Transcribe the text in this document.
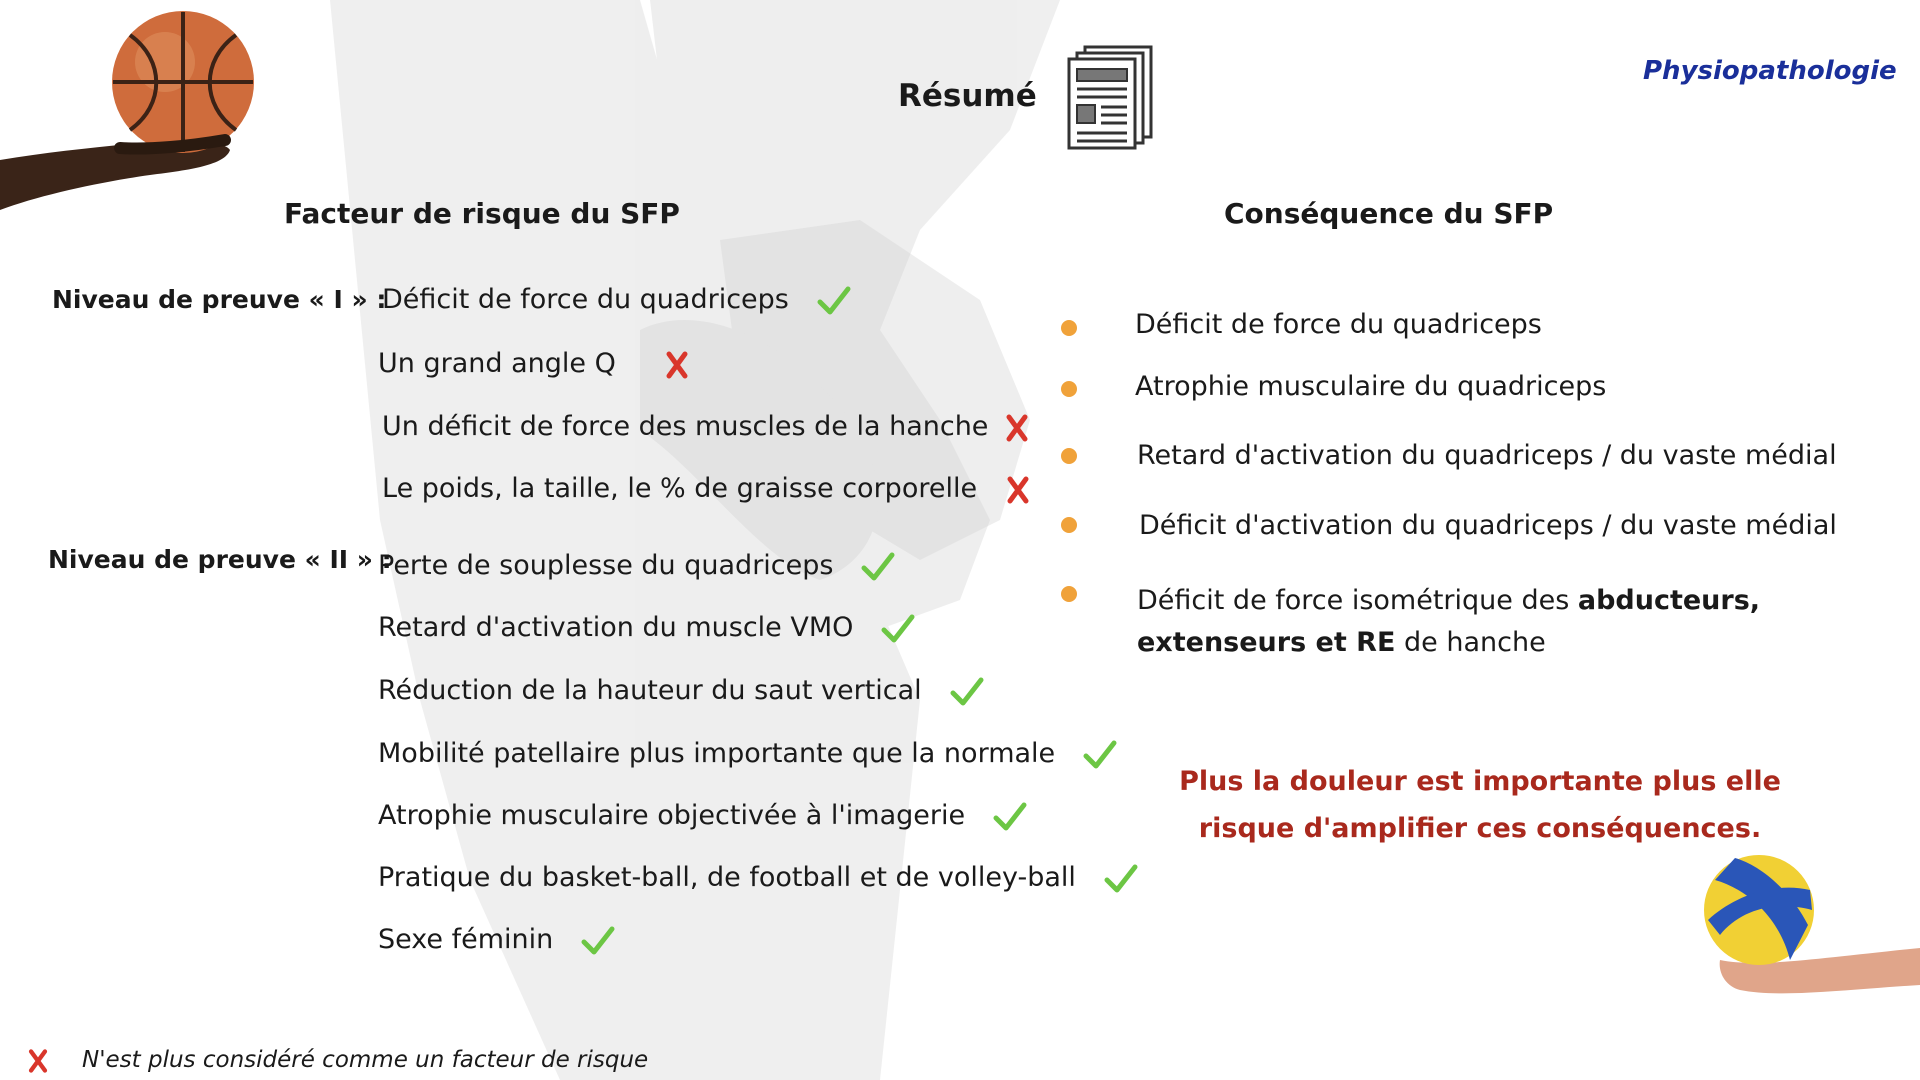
Résumé
Physiopathologie
Facteur de risque du SFP	Conséquence du SFP
Niveau de preuve « I » :
Niveau de preuve « II » :
Déficit de force du quadriceps
Un grand angle Q
Un déficit de force des muscles de la hanche
Le poids, la taille, le % de graisse corporelle
Perte de souplesse du quadriceps
Retard d'activation du muscle VMO
Réduction de la hauteur du saut vertical
Mobilité patellaire plus importante que la normale
Atrophie musculaire objectivée à l'imagerie
Pratique du basket-ball, de football et de volley-ball
Sexe féminin
Déficit de force du quadriceps
Atrophie musculaire du quadriceps
Retard d'activation du quadriceps / du vaste médial
Déficit d'activation du quadriceps / du vaste médial
Déficit de force isométrique des abducteurs, extenseurs et RE de hanche
Plus la douleur est importante plus elle
risque d'amplifier ces conséquences.
N'est plus considéré comme un facteur de risque
